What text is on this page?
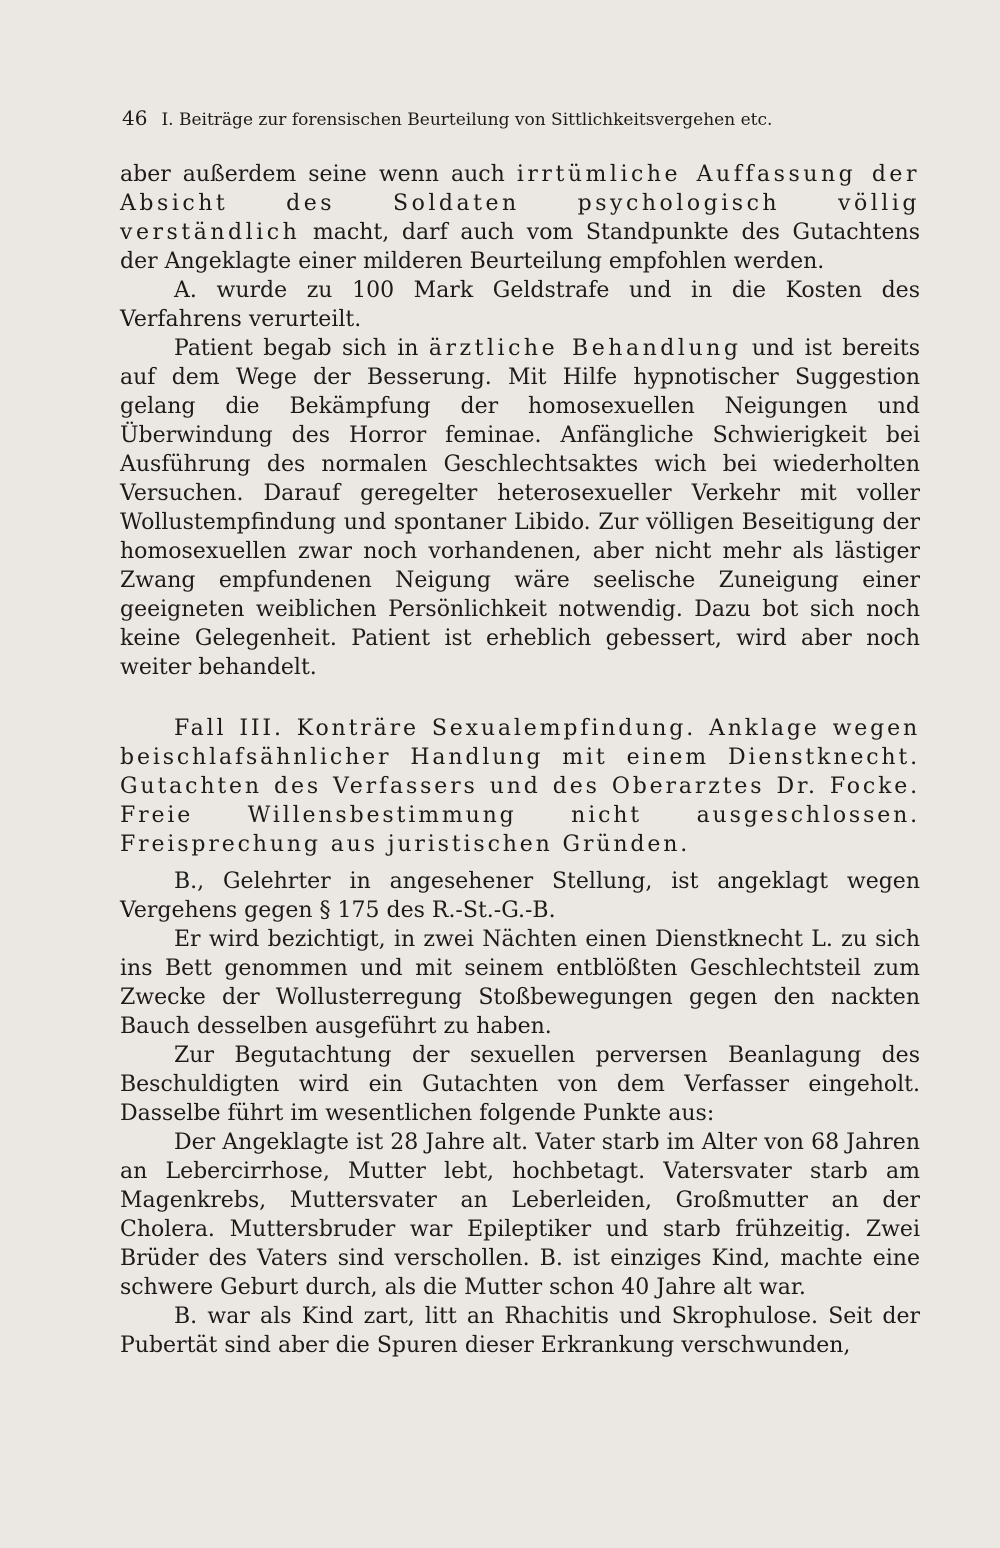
46 I. Beiträge zur forensischen Beurteilung von Sittlichkeitsvergehen etc.

aber außerdem seine wenn auch irrtümliche Auffassung der Absicht des Soldaten psychologisch völlig verständlich macht, darf auch vom Standpunkte des Gutachtens der Angeklagte einer milderen Beurteilung empfohlen werden.

A. wurde zu 100 Mark Geldstrafe und in die Kosten des Verfahrens verurteilt.

Patient begab sich in ärztliche Behandlung und ist bereits auf dem Wege der Besserung. Mit Hilfe hypnotischer Suggestion gelang die Bekämpfung der homosexuellen Neigungen und Überwindung des Horror feminae. Anfängliche Schwierigkeit bei Ausführung des normalen Geschlechtsaktes wich bei wiederholten Versuchen. Darauf geregelter heterosexueller Verkehr mit voller Wollustempfindung und spontaner Libido. Zur völligen Beseitigung der homosexuellen zwar noch vorhandenen, aber nicht mehr als lästiger Zwang empfundenen Neigung wäre seelische Zuneigung einer geeigneten weiblichen Persönlichkeit notwendig. Dazu bot sich noch keine Gelegenheit. Patient ist erheblich gebessert, wird aber noch weiter behandelt.

Fall III. Konträre Sexualempfindung. Anklage wegen beischlafsähnlicher Handlung mit einem Dienstknecht. Gutachten des Verfassers und des Oberarztes Dr. Focke. Freie Willensbestimmung nicht ausgeschlossen. Freisprechung aus juristischen Gründen.

B., Gelehrter in angesehener Stellung, ist angeklagt wegen Vergehens gegen § 175 des R.-St.-G.-B.

Er wird bezichtigt, in zwei Nächten einen Dienstknecht L. zu sich ins Bett genommen und mit seinem entblößten Geschlechtsteil zum Zwecke der Wollusterregung Stoßbewegungen gegen den nackten Bauch desselben ausgeführt zu haben.

Zur Begutachtung der sexuellen perversen Beanlagung des Beschuldigten wird ein Gutachten von dem Verfasser eingeholt. Dasselbe führt im wesentlichen folgende Punkte aus:

Der Angeklagte ist 28 Jahre alt. Vater starb im Alter von 68 Jahren an Lebercirrhose, Mutter lebt, hochbetagt. Vatersvater starb am Magenkrebs, Muttersvater an Leberleiden, Großmutter an der Cholera. Muttersbruder war Epileptiker und starb frühzeitig. Zwei Brüder des Vaters sind verschollen. B. ist einziges Kind, machte eine schwere Geburt durch, als die Mutter schon 40 Jahre alt war.

B. war als Kind zart, litt an Rhachitis und Skrophulose. Seit der Pubertät sind aber die Spuren dieser Erkrankung verschwunden,
